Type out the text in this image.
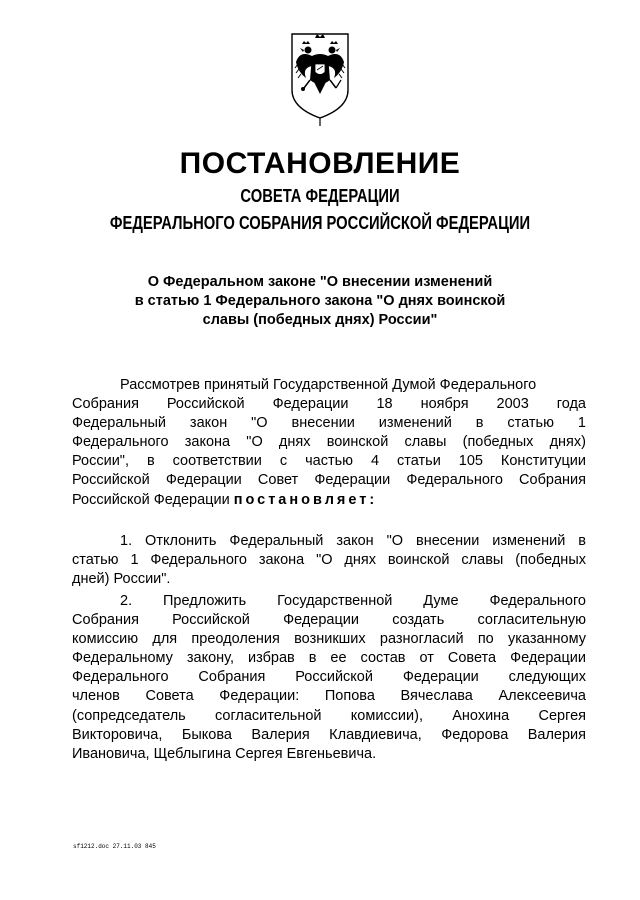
ПОСТАНОВЛЕНИЕ
СОВЕТА ФЕДЕРАЦИИ
ФЕДЕРАЛЬНОГО СОБРАНИЯ РОССИЙСКОЙ ФЕДЕРАЦИИ
О Федеральном законе "О внесении изменений
в статью 1 Федерального закона "О днях воинской
славы (победных днях) России"
Рассмотрев принятый Государственной Думой Федерального
Собрания Российской Федерации 18 ноября 2003 года
Федеральный закон "О внесении изменений в статью 1
Федерального закона "О днях воинской славы (победных днях)
России", в соответствии с частью 4 статьи 105 Конституции
Российской Федерации Совет Федерации Федерального Собрания
Российской Федерации постановляет:
1. Отклонить Федеральный закон "О внесении изменений в
статью 1 Федерального закона "О днях воинской славы (победных
дней) России".
2. Предложить Государственной Думе Федерального
Собрания Российской Федерации создать согласительную
комиссию для преодоления возникших разногласий по указанному
Федеральному закону, избрав в ее состав от Совета Федерации
Федерального Собрания Российской Федерации следующих
членов Совета Федерации: Попова Вячеслава Алексеевича
(сопредседатель согласительной комиссии), Анохина Сергея
Викторовича, Быкова Валерия Клавдиевича, Федорова Валерия
Ивановича, Щеблыгина Сергея Евгеньевича.
sf1212.doc 27.11.03 845
